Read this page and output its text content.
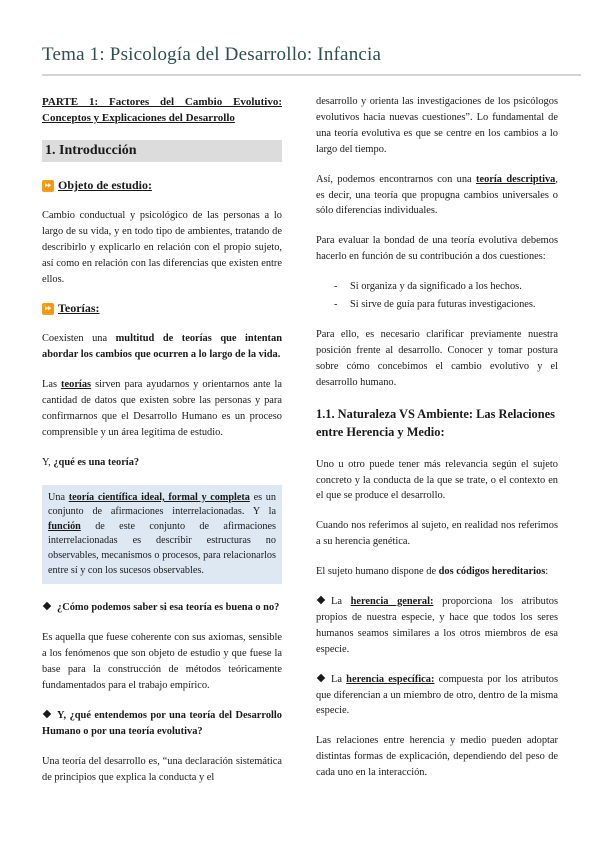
Tema 1: Psicología del Desarrollo: Infancia

PARTE 1: Factores del Cambio Evolutivo: Conceptos y Explicaciones del Desarrollo

1. Introducción
⏩ Objeto de estudio:

Cambio conductual y psicológico de las personas a lo largo de su vida, y en todo tipo de ambientes, tratando de describirlo y explicarlo en relación con el propio sujeto, así como en relación con las diferencias que existen entre ellos.

⏩ Teorías:

Coexisten una multitud de teorías que intentan abordar los cambios que ocurren a lo largo de la vida.

Las teorías sirven para ayudarnos y orientarnos ante la cantidad de datos que existen sobre las personas y para confirmarnos que el Desarrollo Humano es un proceso comprensible y un área legítima de estudio.

Y, ¿qué es una teoría?

Una teoría científica ideal, formal y completa es un conjunto de afirmaciones interrelacionadas. Y la función de este conjunto de afirmaciones interrelacionadas es describir estructuras no observables, mecanismos o procesos, para relacionarlos entre sí y con los sucesos observables.

¿Cómo podemos saber si esa teoría es buena o no?

Es aquella que fuese coherente con sus axiomas, sensible a los fenómenos que son objeto de estudio y que fuese la base para la construcción de métodos teóricamente fundamentados para el trabajo empírico.

Y, ¿qué entendemos por una teoría del Desarrollo Humano o por una teoría evolutiva?

Una teoría del desarrollo es, “una declaración sistemática de principios que explica la conducta y el

desarrollo y orienta las investigaciones de los psicólogos evolutivos hacia nuevas cuestiones”. Lo fundamental de una teoría evolutiva es que se centre en los cambios a lo largo del tiempo.

Así, podemos encontrarnos con una teoría descriptiva, es decir, una teoría que propugna cambios universales o sólo diferencias individuales.

Para evaluar la bondad de una teoría evolutiva debemos hacerlo en función de su contribución a dos cuestiones:

- Si organiza y da significado a los hechos.
- Si sirve de guía para futuras investigaciones.

Para ello, es necesario clarificar previamente nuestra posición frente al desarrollo. Conocer y tomar postura sobre cómo concebimos el cambio evolutivo y el desarrollo humano.

1.1. Naturaleza VS Ambiente: Las Relaciones entre Herencia y Medio:

Uno u otro puede tener más relevancia según el sujeto concreto y la conducta de la que se trate, o el contexto en el que se produce el desarrollo.

Cuando nos referimos al sujeto, en realidad nos referimos a su herencia genética.

El sujeto humano dispone de dos códigos hereditarios:

La herencia general: proporciona los atributos propios de nuestra especie, y hace que todos los seres humanos seamos similares a los otros miembros de esa especie.

La herencia específica: compuesta por los atributos que diferencian a un miembro de otro, dentro de la misma especie.

Las relaciones entre herencia y medio pueden adoptar distintas formas de explicación, dependiendo del peso de cada uno en la interacción.
